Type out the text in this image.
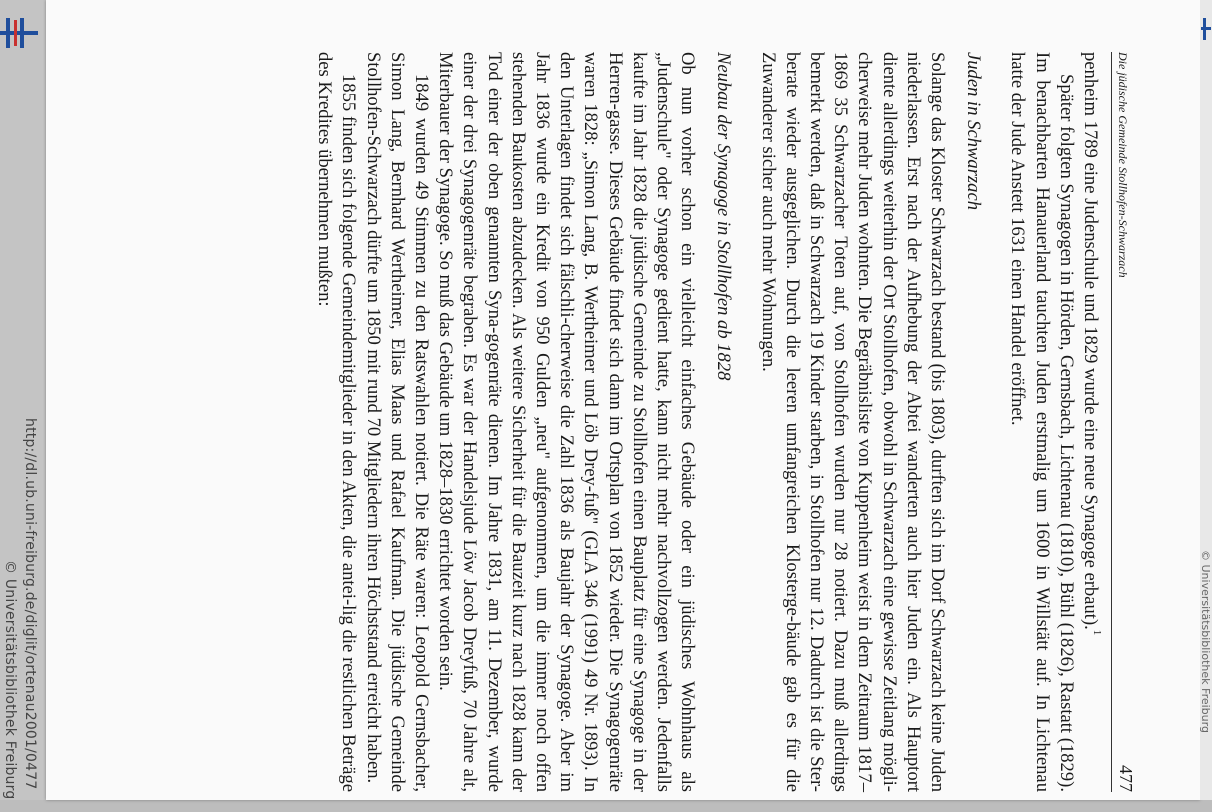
http://dl.ub.uni-freiburg.de/diglit/ortenau2001/0477
© Universitätsbibliothek Freiburg	© Universitätsbibliothek Freiburg
Die jüdische Gemeinde Stollhofen-Schwarzach
477

penheim 1789 eine Judenschule und 1829 wurde eine neue Synagoge erbaut).$^1$

Später folgten Synagogen in Hörden, Gernsbach, Lichtenau (1810), Bühl (1826), Rastatt (1829). Im benachbarten Hanauerland tauchten Juden erstmalig um 1600 in Willstätt auf. In Lichtenau hatte der Jude Anstett 1631 einen Handel eröffnet.

Juden in Schwarzach

Solange das Kloster Schwarzach bestand (bis 1803), durften sich im Dorf Schwarzach keine Juden niederlassen. Erst nach der Aufhebung der Abtei wanderten auch hier Juden ein. Als Hauptort diente allerdings weiterhin der Ort Stollhofen, obwohl in Schwarzach eine gewisse Zeitlang mögli-cherweise mehr Juden wohnten. Die Begräbnisliste von Kuppenheim weist in dem Zeitraum 1817–1869 35 Schwarzacher Toten auf, von Stollhofen wurden nur 28 notiert. Dazu muß allerdings bemerkt werden, daß in Schwarzach 19 Kinder starben, in Stollhofen nur 12. Dadurch ist die Ster-berate wieder ausgeglichen. Durch die leeren umfangreichen Klosterge-bäude gab es für die Zuwanderer sicher auch mehr Wohnungen.

Neubau der Synagoge in Stollhofen ab 1828

Ob nun vorher schon ein vielleicht einfaches Gebäude oder ein jüdisches Wohnhaus als „Judenschule" oder Synagoge gedient hatte, kann nicht mehr nachvollzogen werden. Jedenfalls kaufte im Jahr 1828 die jüdische Gemeinde zu Stollhofen einen Bauplatz für eine Synagoge in der Herren-gasse. Dieses Gebäude findet sich dann im Ortsplan von 1852 wieder. Die Synagogenräte waren 1828: „Simon Lang, B. Wertheimer und Löb Drey-fuß" (GLA 346 (1991) 49 Nr. 1893). In den Unterlagen findet sich fälschli-cherweise die Zahl 1836 als Baujahr der Synagoge. Aber im Jahr 1836 wurde ein Kredit von 950 Gulden „neu" aufgenommen, um die immer noch offen stehenden Baukosten abzudecken. Als weitere Sicherheit für die Bauzeit kurz nach 1828 kann der Tod einer der oben genannten Syna-gogenräte dienen. Im Jahre 1831, am 11. Dezember, wurde einer der drei Synagogenräte begraben. Es war der Handelsjude Löw Jacob Dreyfuß, 70 Jahre alt, Miterbauer der Synagoge. So muß das Gebäude um 1828–1830 errichtet worden sein.

1849 wurden 49 Stimmen zu den Ratswahlen notiert. Die Räte waren: Leopold Gernsbacher, Simon Lang, Bernhard Wertheimer, Elias Maas und Rafael Kaufman. Die jüdische Gemeinde Stollhofen-Schwarzach dürfte um 1850 mit rund 70 Mitgliedern ihren Höchststand erreicht haben.

1855 finden sich folgende Gemeindemitglieder in den Akten, die antei-lig die restlichen Beträge des Kredites übernehmen mußten:
